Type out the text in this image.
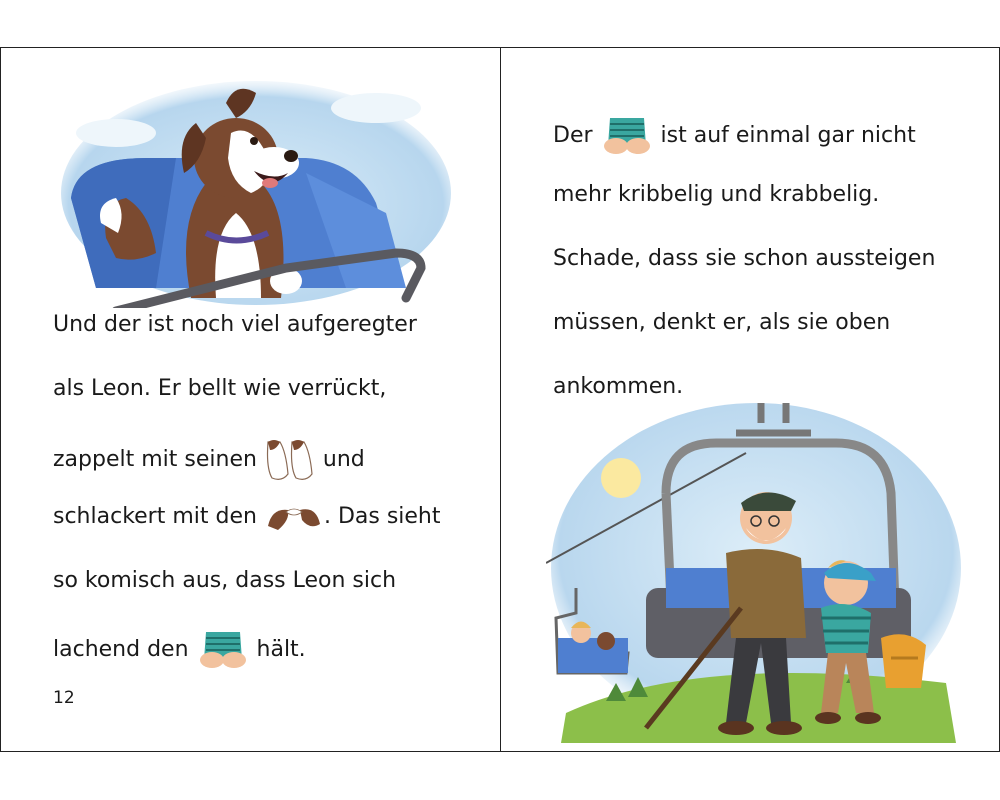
Und der ist noch viel aufgeregter
als Leon. Er bellt wie verrückt,
zappelt mit seinen	und
schlackert mit den	. Das sieht
so komisch aus, dass Leon sich
lachend den	hält.
12
Der	ist auf einmal gar nicht
mehr kribbelig und krabbelig.
Schade, dass sie schon aussteigen
müssen, denkt er, als sie oben
ankommen.
